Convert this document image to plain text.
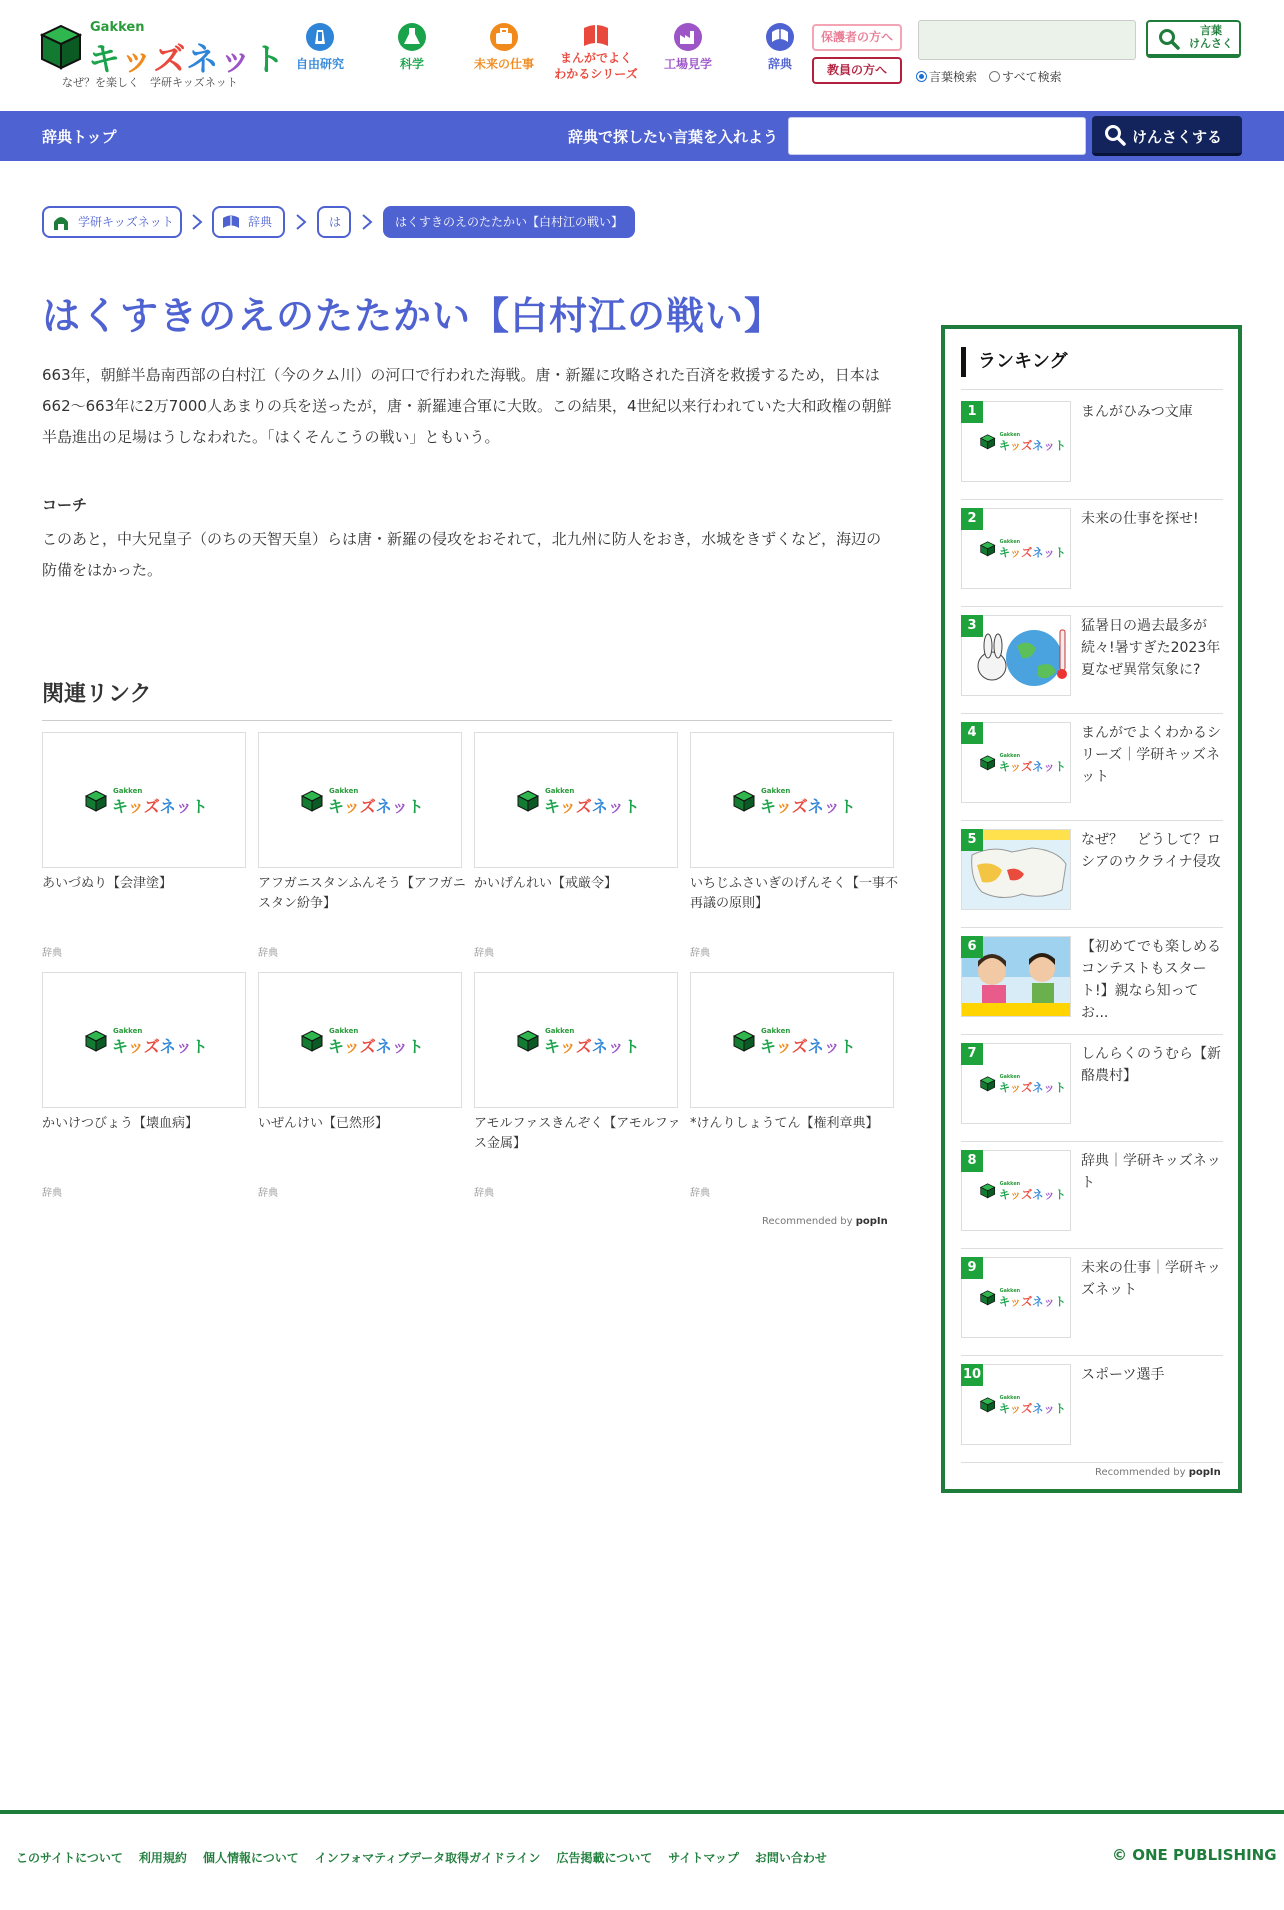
Gakken
キッズネット
なぜ？を楽しく　学研キッズネット
自由研究	科学	未来の仕事	まんがでよく
わかるシリーズ
工場見学	辞典
保護者の方へ
教員の方へ
言葉
けんさく
言葉検索 すべて検索
辞典トップ	辞典で探したい言葉を入れよう	けんさくする
学研キッズネット	辞典	は	はくすきのえのたたかい【白村江の戦い】
はくすきのえのたたかい【白村江の戦い】

663年，朝鮮半島南西部の白村江（今のクム川）の河口で行われた海戦。唐・新羅に攻略された百済を救援するため，日本は662〜663年に2万7000人あまりの兵を送ったが，唐・新羅連合軍に大敗。この結果，4世紀以来行われていた大和政権の朝鮮半島進出の足場はうしなわれた。「はくそんこうの戦い」ともいう。

コーチ

このあと，中大兄皇子（のちの天智天皇）らは唐・新羅の侵攻をおそれて，北九州に防人をおき，水城をきずくなど，海辺の防備をはかった。

関連リンク
Gakken
キッズネット
あいづぬり【会津塗】
辞典
Gakken
キッズネット
アフガニスタンふんそう【アフガニスタン紛争】
辞典
Gakken
キッズネット
かいげんれい【戒厳令】
辞典
Gakken
キッズネット
いちじふさいぎのげんそく【一事不再議の原則】
辞典
Gakken
キッズネット
かいけつびょう【壊血病】
辞典
Gakken
キッズネット
いぜんけい【已然形】
辞典
Gakken
キッズネット
アモルファスきんぞく【アモルファス金属】
辞典
Gakken
キッズネット
*けんりしょうてん【権利章典】
辞典
Recommended by popIn
ランキング
Gakken
キッズネット
1	まんがひみつ文庫
Gakken
キッズネット
2	未来の仕事を探せ!
3	猛暑日の過去最多が続々!暑すぎた2023年夏なぜ異常気象に?
Gakken
キッズネット
4	まんがでよくわかるシリーズ｜学研キッズネット
5	なぜ？　どうして？ロシアのウクライナ侵攻
6	【初めてでも楽しめるコンテストもスタート!】親なら知ってお...
Gakken
キッズネット
7	しんらくのうむら【新酪農村】
Gakken
キッズネット
8	辞典｜学研キッズネット
Gakken
キッズネット
9	未来の仕事｜学研キッズネット
Gakken
キッズネット
10	スポーツ選手
Recommended by popIn
このサイトについて 利用規約 個人情報について インフォマティブデータ取得ガイドライン 広告掲載について サイトマップ お問い合わせ	© ONE PUBLISHING
